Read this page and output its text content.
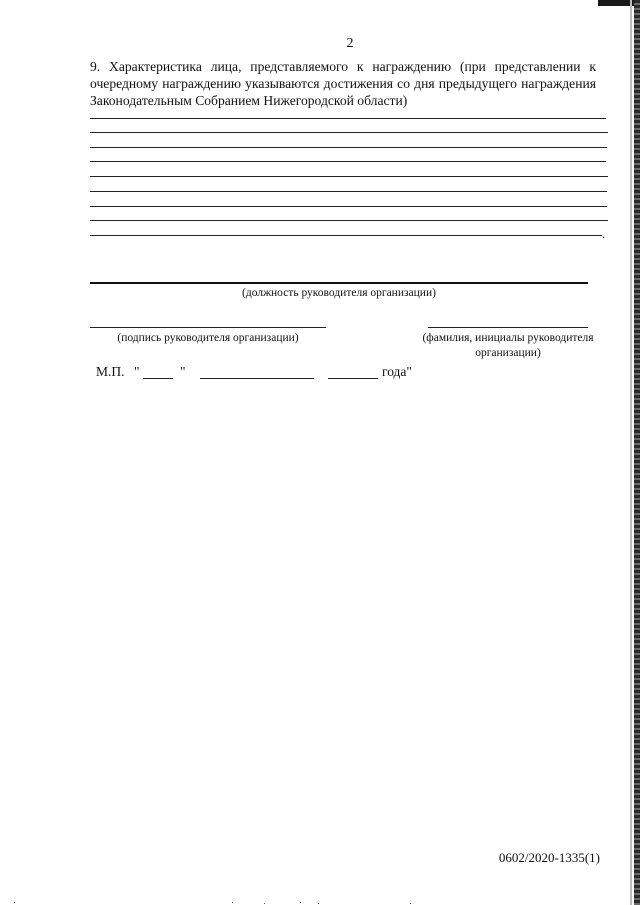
2
9. Характеристика лица, представляемого к награждению (при представлении к очередному награждению указываются достижения со дня предыдущего награждения Законодательным Собранием Нижегородской области)
.
(должность руководителя организации)
(подпись руководителя организации)	(фамилия, инициалы руководителя организации)
М.П. "	"	года"
0602/2020-1335(1)
